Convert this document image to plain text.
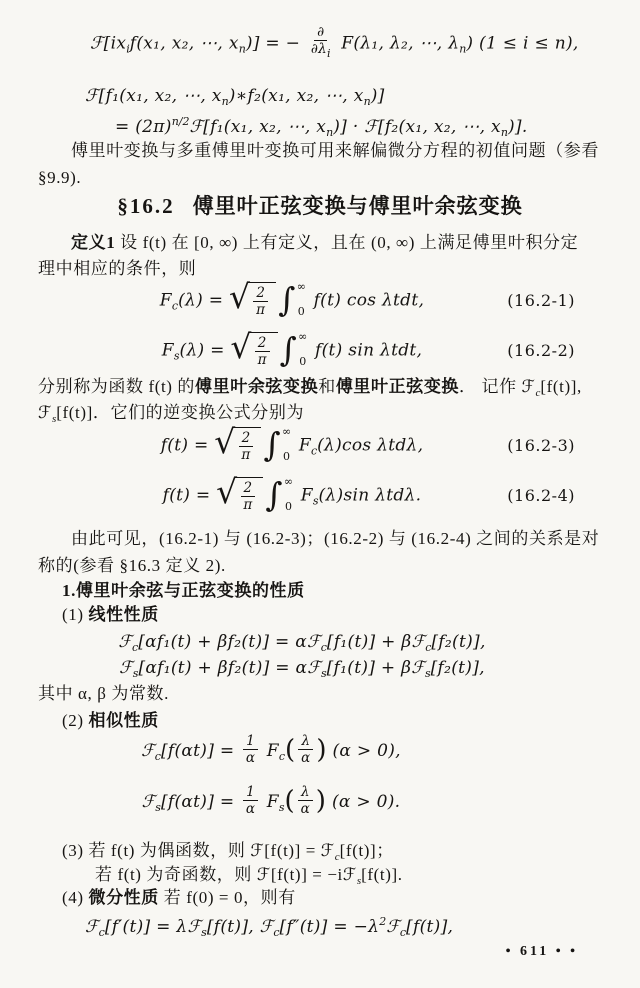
$ℱ[ix_if(x_1$, x₂, ⋯, $x_n$)] = − $\frac{\partial}{\partial\lambda_i} F(\lambda_1$, λ₂, ⋯, $\lambda_n$) (1 ≤ i ≤ n),
ℱ[f₁(x₁, x₂, ⋯, $x_n)∗f_2(x_1$, x₂, ⋯, $x_n$)]
= $(2\pi)^{n/2}ℱ[f_1(x_1$, x₂, ⋯, $x_n$)] · ℱ[f₂(x₁, x₂, ⋯, $x_n$)].
傅里叶变换与多重傅里叶变换可用来解偏微分方程的初值问题（参看
§9.9).
§16.2 傅里叶正弦变换与傅里叶余弦变换
定义1 设 f(t) 在 [0, ∞) 上有定义，且在 (0, ∞) 上满足傅里叶积分定
理中相应的条件，则
$F_c(\lambda)$ = √ $\frac{2}{\pi}$ ∫ ∞
0
f(t) cos λtdt,	(16.2-1)
$F_s(\lambda)$ = √ $\frac{2}{\pi}$ ∫ ∞
0
f(t) sin λtdt,	(16.2-2)
分别称为函数 f(t) 的傅里叶余弦变换和傅里叶正弦变换． 记作 ℱ$_c$[f(t)],
ℱ$_s$[f(t)]．它们的逆变换公式分别为
f(t) = √ $\frac{2}{\pi}$ ∫ ∞
0
$F_c(\lambda)\cos$ λtdλ,	(16.2-3)
f(t) = √ $\frac{2}{\pi}$ ∫ ∞
0
$F_s(\lambda)\sin$ λtdλ.	(16.2-4)
由此可见，(16.2-1) 与 (16.2-3)；(16.2-2) 与 (16.2-4) 之间的关系是对
称的(参看 §16.3 定义 2).
1.傅里叶余弦与正弦变换的性质
(1) 线性性质
ℱ$_c$[αf₁(t) + βf₂(t)] = αℱ$_c$[f₁(t)] + βℱ$_c$[f₂(t)],
ℱ$_s$[αf₁(t) + βf₂(t)] = αℱ$_s$[f₁(t)] + βℱ$_s$[f₂(t)],
其中 α, β 为常数.
(2) 相似性质
ℱ$_c$[f(αt)] = $\frac{1}{\alpha} F_c( \frac{\lambda}{\alpha}$ ) (α > 0),
ℱ$_s$[f(αt)] = $\frac{1}{\alpha} F_s( \frac{\lambda}{\alpha}$ ) (α > 0).
(3) 若 f(t) 为偶函数，则 ℱ[f(t)] = ℱ$_c$[f(t)]；
若 f(t) 为奇函数，则 ℱ[f(t)] = −iℱ$_s$[f(t)].
(4) 微分性质 若 f(0) = 0，则有
ℱ$_c$[f′(t)] = λℱ$_s$[f(t)], ℱ$_c$[f″(t)] = $-\lambda^2ℱ_c[f(t)]$,
• 611 • •
